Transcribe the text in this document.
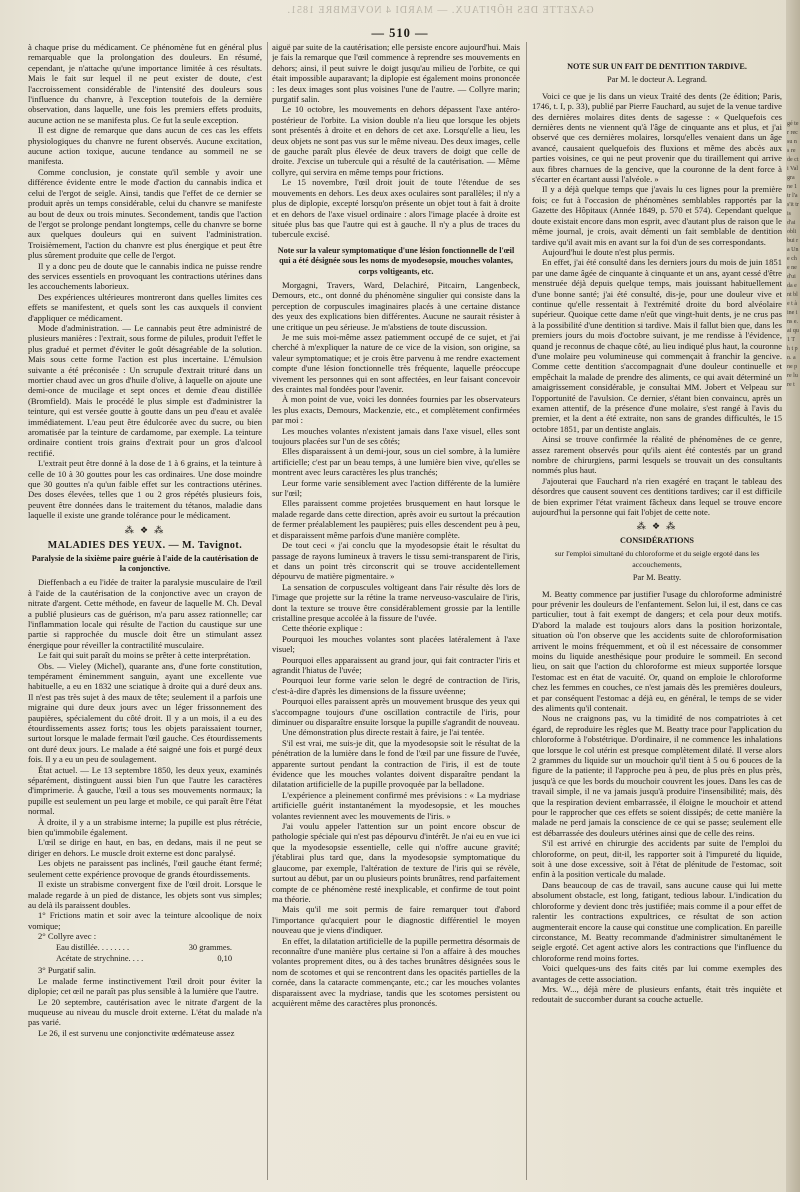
GAZETTE DES HÔPITAUX. — MARDI 4 NOVEMBRE 1851.
— 510 —

à chaque prise du médicament. Ce phénomène fut en général plus remarquable que la prolongation des douleurs. En résumé, cependant, je n'attache qu'une importance limitée à ces résultats. Mais le fait sur lequel il ne peut exister de doute, c'est l'accroissement considérable de l'intensité des douleurs sous l'influence du chanvre, à l'exception toutefois de la dernière observation, dans laquelle, une fois les premiers effets produits, aucune action ne se manifesta plus. Ce fut la seule exception.

Il est digne de remarque que dans aucun de ces cas les effets physiologiques du chanvre ne furent observés. Aucune excitation, aucune action toxique, aucune tendance au sommeil ne se manifesta.

Comme conclusion, je constate qu'il semble y avoir une différence évidente entre le mode d'action du cannabis indica et celui de l'ergot de seigle. Ainsi, tandis que l'effet de ce dernier se produit après un temps considérable, celui du chanvre se manifeste au bout de deux ou trois minutes. Secondement, tandis que l'action de l'ergot se prolonge pendant longtemps, celle du chanvre se borne aux quelques douleurs qui en suivent l'administration. Troisièmement, l'action du chanvre est plus énergique et peut être plus sûrement produite que celle de l'ergot.

Il y a donc peu de doute que le cannabis indica ne puisse rendre des services essentiels en provoquant les contractions utérines dans les accouchements laborieux.

Des expériences ultérieures montreront dans quelles limites ces effets se manifestent, et quels sont les cas auxquels il convient d'appliquer ce médicament.

Mode d'administration. — Le cannabis peut être administré de plusieurs manières : l'extrait, sous forme de pilules, produit l'effet le plus gradué et permet d'éviter le goût désagréable de la solution. Mais sous cette forme l'action est plus incertaine. L'émulsion suivante a été préconisée : Un scrupule d'extrait trituré dans un mortier chaud avec un gros d'huile d'olive, à laquelle on ajoute une demi-once de mucilage et sept onces et demie d'eau distillée (Bromfield). Mais le procédé le plus simple est d'administrer la teinture, qui est versée goutte à goutte dans un peu d'eau et avalée immédiatement. L'eau peut être édulcorée avec du sucre, ou bien aromatisée par la teinture de cardamome, par exemple. La teinture ordinaire contient trois grains d'extrait pour un gros d'alcool rectifié.

L'extrait peut être donné à la dose de 1 à 6 grains, et la teinture à celle de 10 à 30 gouttes pour les cas ordinaires. Une dose moindre que 30 gouttes n'a qu'un faible effet sur les contractions utérines. Des doses élevées, telles que 1 ou 2 gros répétés plusieurs fois, peuvent être données dans le traitement du tétanos, maladie dans laquelle il existe une grande tolérance pour le médicament.

⁂ ❖ ⁂
MALADIES DES YEUX. — M. Tavignot.
Paralysie de la sixième paire guérie à l'aide de la cautérisation de la conjonctive.

Dieffenbach a eu l'idée de traiter la paralysie musculaire de l'œil à l'aide de la cautérisation de la conjonctive avec un crayon de nitrate d'argent. Cette méthode, en faveur de laquelle M. Ch. Deval a publié plusieurs cas de guérison, m'a paru assez rationnelle; car l'inflammation locale qui résulte de l'action du caustique sur une partie si rapprochée du muscle doit être un stimulant assez énergique pour réveiller la contractilité musculaire.

Le fait qui suit paraît du moins se prêter à cette interprétation.

Obs. — Vieley (Michel), quarante ans, d'une forte constitution, tempérament éminemment sanguin, ayant une excellente vue habituelle, a eu en 1832 une sciatique à droite qui a duré deux ans. Il n'est pas très sujet à des maux de tête; seulement il a parfois une migraine qui dure deux jours avec un léger frissonnement des paupières, spécialement du côté droit. Il y a un mois, il a eu des étourdissements assez forts; tous les objets paraissaient tourner, surtout lorsque le malade fermait l'œil gauche. Ces étourdissements ont duré deux jours. Le malade a été saigné une fois et purgé deux fois. Il y a eu un peu de soulagement.

État actuel. — Le 13 septembre 1850, les deux yeux, examinés séparément, distinguent aussi bien l'un que l'autre les caractères d'imprimerie. À gauche, l'œil a tous ses mouvements normaux; la pupille est seulement un peu large et mobile, ce qui paraît être l'état normal.

À droite, il y a un strabisme interne; la pupille est plus rétrécie, bien qu'immobile également.

L'œil se dirige en haut, en bas, en dedans, mais il ne peut se diriger en dehors. Le muscle droit externe est donc paralysé.

Les objets ne paraissent pas inclinés, l'œil gauche étant fermé; seulement cette expérience provoque de grands étourdissements.

Il existe un strabisme convergent fixe de l'œil droit. Lorsque le malade regarde à un pied de distance, les objets sont vus simples; au delà ils paraissent doubles.

1° Frictions matin et soir avec la teinture alcoolique de noix vomique;

2° Collyre avec :

Eau distillée. . . . . . . .	30 grammes.
Acétate de strychnine. . . .	0,10

3° Purgatif salin.

Le malade ferme instinctivement l'œil droit pour éviter la diplopie; cet œil ne paraît pas plus sensible à la lumière que l'autre.

Le 20 septembre, cautérisation avec le nitrate d'argent de la muqueuse au niveau du muscle droit externe. L'état du malade n'a pas varié.

Le 26, il est survenu une conjonctivite œdémateuse assez

aiguë par suite de la cautérisation; elle persiste encore aujourd'hui. Mais je fais la remarque que l'œil commence à reprendre ses mouvements en dehors; ainsi, il peut suivre le doigt jusqu'au milieu de l'orbite, ce qui était impossible auparavant; la diplopie est également moins prononcée : les deux images sont plus voisines l'une de l'autre. — Collyre marin; purgatif salin.

Le 10 octobre, les mouvements en dehors dépassent l'axe antéro-postérieur de l'orbite. La vision double n'a lieu que lorsque les objets sont présentés à droite et en dehors de cet axe. Lorsqu'elle a lieu, les deux objets ne sont pas vus sur le même niveau. Des deux images, celle de gauche paraît plus élevée de deux travers de doigt que celle de droite. J'excise un tubercule qui a résulté de la cautérisation. — Même collyre, qui servira en même temps pour frictions.

Le 15 novembre, l'œil droit jouit de toute l'étendue de ses mouvements en dehors. Les deux axes oculaires sont parallèles; il n'y a plus de diplopie, excepté lorsqu'on présente un objet tout à fait à droite et en dehors de l'axe visuel ordinaire : alors l'image placée à droite est située plus bas que l'autre qui est à gauche. Il n'y a plus de traces du tubercule excisé.

Note sur la valeur symptomatique d'une lésion fonctionnelle de l'œil qui a été désignée sous les noms de myodesopsie, mouches volantes, corps voltigeants, etc.

Morgagni, Travers, Ward, Delachiré, Pitcairn, Langenbeck, Demours, etc., ont donné du phénomène singulier qui consiste dans la perception de corpuscules imaginaires placés à une certaine distance des yeux des explications bien différentes. Aucune ne saurait résister à une critique un peu sérieuse. Je m'abstiens de toute discussion.

Je me suis moi-même assez patiemment occupé de ce sujet, et j'ai cherché à m'expliquer la nature de ce vice de la vision, son origine, sa valeur symptomatique; et je crois être parvenu à me rendre exactement compte d'une lésion fonctionnelle très fréquente, laquelle préoccupe vivement les personnes qui en sont affectées, en leur faisant concevoir des craintes mal fondées pour l'avenir.

À mon point de vue, voici les données fournies par les observateurs les plus exacts, Demours, Mackenzie, etc., et complètement confirmées par moi :

Les mouches volantes n'existent jamais dans l'axe visuel, elles sont toujours placées sur l'un de ses côtés;

Elles disparaissent à un demi-jour, sous un ciel sombre, à la lumière artificielle; c'est par un beau temps, à une lumière bien vive, qu'elles se montrent avec leurs caractères les plus tranchés;

Leur forme varie sensiblement avec l'action différente de la lumière sur l'œil;

Elles paraissent comme projetées brusquement en haut lorsque le malade regarde dans cette direction, après avoir eu surtout la précaution de fermer préalablement les paupières; puis elles descendent peu à peu, et disparaissent même parfois d'une manière complète.

De tout ceci « j'ai conclu que la myodesopsie était le résultat du passage de rayons lumineux à travers le tissu semi-transparent de l'iris, et dans un point très circonscrit qui se trouve accidentellement dépourvu de matière pigmentaire. »

La sensation de corpuscules voltigeant dans l'air résulte dès lors de l'image que projette sur la rétine la trame nerveuso-vasculaire de l'iris, dont la texture se trouve être considérablement grossie par la lentille cristalline presque accolée à la fissure de l'uvée.

Cette théorie explique :

Pourquoi les mouches volantes sont placées latéralement à l'axe visuel;

Pourquoi elles apparaissent au grand jour, qui fait contracter l'iris et agrandit l'hiatus de l'uvée;

Pourquoi leur forme varie selon le degré de contraction de l'iris, c'est-à-dire d'après les dimensions de la fissure uvéenne;

Pourquoi elles paraissent après un mouvement brusque des yeux qui s'accompagne toujours d'une oscillation contractile de l'iris, pour diminuer ou disparaître ensuite lorsque la pupille s'agrandit de nouveau.

Une démonstration plus directe restait à faire, je l'ai tentée.

S'il est vrai, me suis-je dit, que la myodesopsie soit le résultat de la pénétration de la lumière dans le fond de l'œil par une fissure de l'uvée, apparente surtout pendant la contraction de l'iris, il est de toute évidence que les mouches volantes doivent disparaître pendant la dilatation artificielle de la pupille provoquée par la belladone.

L'expérience a pleinement confirmé mes prévisions : « La mydriase artificielle guérit instantanément la myodesopsie, et les mouches volantes reviennent avec les mouvements de l'iris. »

J'ai voulu appeler l'attention sur un point encore obscur de pathologie spéciale qui n'est pas dépourvu d'intérêt. Je n'ai eu en vue ici que la myodesopsie essentielle, celle qui n'offre aucune gravité; j'établirai plus tard que, dans la myodesopsie symptomatique du glaucome, par exemple, l'altération de texture de l'iris qui se révèle, surtout au début, par un ou plusieurs points brunâtres, rend parfaitement compte de ce phénomène resté inexplicable, et confirme de tout point ma théorie.

Mais qu'il me soit permis de faire remarquer tout d'abord l'importance qu'acquiert pour le diagnostic différentiel le moyen nouveau que je viens d'indiquer.

En effet, la dilatation artificielle de la pupille permettra désormais de reconnaître d'une manière plus certaine si l'on a affaire à des mouches volantes proprement dites, ou à des taches brunâtres désignées sous le nom de scotomes et qui se rencontrent dans les opacités partielles de la cornée, dans la cataracte commençante, etc.; car les mouches volantes disparaissent avec la mydriase, tandis que les scotomes persistent ou acquièrent même des caractères plus prononcés.

NOTE SUR UN FAIT DE DENTITION TARDIVE.
Par M. le docteur A. Legrand.

Voici ce que je lis dans un vieux Traité des dents (2e édition; Paris, 1746, t. I, p. 33), publié par Pierre Fauchard, au sujet de la venue tardive des dernières molaires dites dents de sagesse : « Quelquefois ces dernières dents ne viennent qu'à l'âge de cinquante ans et plus, et j'ai observé que ces dernières molaires, lorsqu'elles venaient dans un âge avancé, causaient quelquefois des fluxions et même des abcès aux parties voisines, ce qui ne peut provenir que du tiraillement qui arrive aux fibres charnues de la gencive, que la couronne de la dent force à s'écarter en écartant aussi l'alvéole. »

Il y a déjà quelque temps que j'avais lu ces lignes pour la première fois; ce fut à l'occasion de phénomènes semblables rapportés par la Gazette des Hôpitaux (Année 1849, p. 570 et 574). Cependant quelque doute existait encore dans mon esprit, avec d'autant plus de raison que le même journal, je crois, avait démenti un fait semblable de dentition tardive qu'il avait mis en avant sur la foi d'un de ses correspondants.

Aujourd'hui le doute n'est plus permis.

En effet, j'ai été consulté dans les derniers jours du mois de juin 1851 par une dame âgée de cinquante à cinquante et un ans, ayant cessé d'être menstruée déjà depuis quelque temps, mais jouissant habituellement d'une bonne santé; j'ai été consulté, dis-je, pour une douleur vive et continue qu'elle ressentait à l'extrémité droite du bord alvéolaire supérieur. Quoique cette dame n'eût que vingt-huit dents, je ne crus pas à la possibilité d'une dentition si tardive. Mais il fallut bien que, dans les premiers jours du mois d'octobre suivant, je me rendisse à l'évidence, quand je reconnus de chaque côté, au lieu indiqué plus haut, la couronne d'une molaire peu volumineuse qui commençait à franchir la gencive. Comme cette dentition s'accompagnait d'une douleur continuelle et empêchait la malade de prendre des aliments, ce qui avait déterminé un amaigrissement considérable, je consultai MM. Jobert et Velpeau sur l'opportunité de l'avulsion. Ce dernier, s'étant bien convaincu, après un examen attentif, de la présence d'une molaire, s'est rangé à l'avis du premier, et la dent a été extraite, non sans de grandes difficultés, le 15 octobre 1851, par un dentiste anglais.

Ainsi se trouve confirmée la réalité de phénomènes de ce genre, assez rarement observés pour qu'ils aient été contestés par un grand nombre de chirurgiens, parmi lesquels se trouvait un des consultants nommés plus haut.

J'ajouterai que Fauchard n'a rien exagéré en traçant le tableau des désordres que causent souvent ces dentitions tardives; car il est difficile de bien exprimer l'état vraiment fâcheux dans lequel se trouve encore aujourd'hui la personne qui fait l'objet de cette note.

⁂ ❖ ⁂
CONSIDÉRATIONS
sur l'emploi simultané du chloroforme et du seigle ergoté dans les accouchements,
Par M. Beatty.

M. Beatty commence par justifier l'usage du chloroforme administré pour prévenir les douleurs de l'enfantement. Selon lui, il est, dans ce cas particulier, tout à fait exempt de dangers; et cela pour deux motifs. D'abord la malade est toujours alors dans la position horizontale, situation où l'on observe que les accidents suite de chloroformisation arrivent le moins fréquemment, et où il est nécessaire de consommer moins du liquide anesthésique pour produire le sommeil. En second lieu, on sait que l'action du chloroforme est mieux supportée lorsque l'estomac est en état de vacuité. Or, quand on emploie le chloroforme chez les femmes en couches, ce n'est jamais dès les premières douleurs, et par conséquent l'estomac a déjà eu, en général, le temps de se vider des aliments qu'il contenait.

Nous ne craignons pas, vu la timidité de nos compatriotes à cet égard, de reproduire les règles que M. Beatty trace pour l'application du chloroforme à l'obstétrique. D'ordinaire, il ne commence les inhalations que lorsque le col utérin est presque complètement dilaté. Il verse alors 2 grammes du liquide sur un mouchoir qu'il tient à 5 ou 6 pouces de la figure de la patiente; il l'approche peu à peu, de plus près en plus près, jusqu'à ce que les bords du mouchoir couvrent les joues. Dans les cas de travail simple, il ne va jamais jusqu'à produire l'insensibilité; mais, dès que la respiration devient embarrassée, il éloigne le mouchoir et attend pour le rapprocher que ces effets se soient dissipés; de cette manière la malade ne perd jamais la conscience de ce qui se passe; seulement elle est débarrassée des douleurs utérines ainsi que de celle des reins.

S'il est arrivé en chirurgie des accidents par suite de l'emploi du chloroforme, on peut, dit-il, les rapporter soit à l'impureté du liquide, soit à une dose excessive, soit à l'état de plénitude de l'estomac, soit enfin à la position verticale du malade.

Dans beaucoup de cas de travail, sans aucune cause qui lui mette absolument obstacle, est long, fatigant, tedious labour. L'indication du chloroforme y devient donc très justifiée; mais comme il a pour effet de ralentir les contractions expultrices, ce résultat de son action augmenterait encore la cause qui constitue une complication. En pareille circonstance, M. Beatty recommande d'administrer simultanément le seigle ergoté. Cet agent active alors les contractions que l'influence du chloroforme rend moins fortes.

Voici quelques-uns des faits cités par lui comme exemples des avantages de cette association.

Mrs. W..., déjà mère de plusieurs enfants, était très inquiète et redoutait de succomber durant sa couche actuelle.

gé ter rec su ns re de cti Val gra ne 1 tr l'a s'it tris d'ai obli bui ra Une che ne d'ui da ent ble t à ine ins e. ai qu 1 T h t p n. a ne p re lu re t
